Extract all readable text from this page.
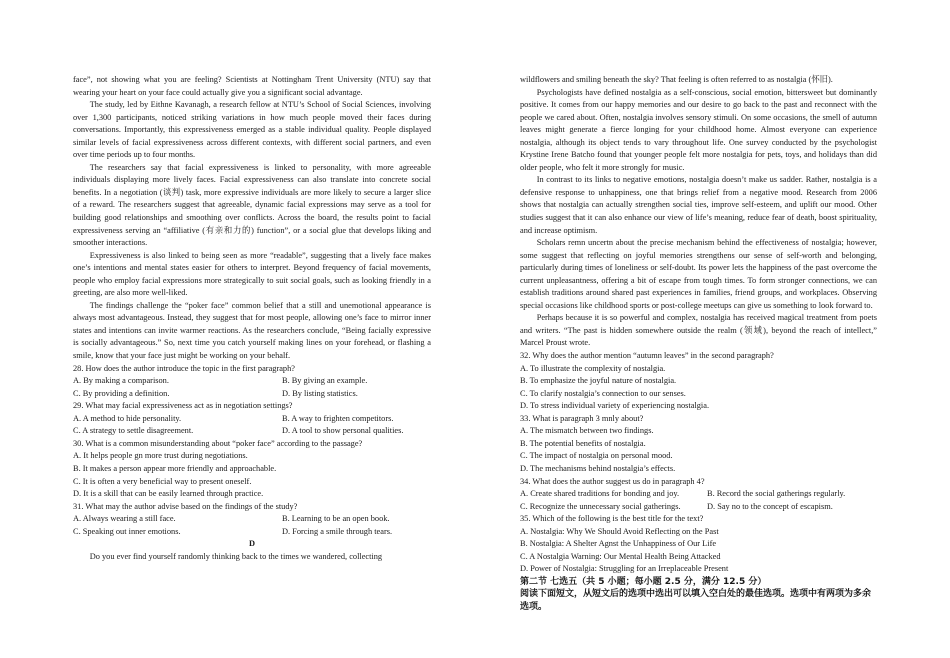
face”, not showing what you are feeling? Scientists at Nottingham Trent University (NTU) say that wearing your heart on your face could actually give you a significant social advantage.

The study, led by Eithne Kavanagh, a research fellow at NTU’s School of Social Sciences, involving over 1,300 participants, noticed striking variations in how much people moved their faces during conversations. Importantly, this expressiveness emerged as a stable individual quality. People displayed similar levels of facial expressiveness across different contexts, with different social partners, and even over time periods up to four months.

The researchers say that facial expressiveness is linked to personality, with more agreeable individuals displaying more lively faces. Facial expressiveness can also translate into concrete social benefits. In a negotiation (谈判) task, more expressive individuals are more likely to secure a larger slice of a reward. The researchers suggest that agreeable, dynamic facial expressions may serve as a tool for building good relationships and smoothing over conflicts. Across the board, the results point to facial expressiveness serving an “affiliative (有亲和力的) function”, or a social glue that develops liking and smoother interactions.

Expressiveness is also linked to being seen as more “readable”, suggesting that a lively face makes one’s intentions and mental states easier for others to interpret. Beyond frequency of facial movements, people who employ facial expressions more strategically to suit social goals, such as looking friendly in a greeting, are also more well-liked.

The findings challenge the “poker face” common belief that a still and unemotional appearance is always most advantageous. Instead, they suggest that for most people, allowing one’s face to mirror inner states and intentions can invite warmer reactions. As the researchers conclude, “Being facially expressive is socially advantageous.” So, next time you catch yourself making lines on your forehead, or flashing a smile, know that your face just might be working on your behalf.

28. How does the author introduce the topic in the first paragraph?
A. By making a comparison.	B. By giving an example.
C. By providing a definition.	D. By listing statistics.
29. What may facial expressiveness act as in negotiation settings?
A. A method to hide personality.	B. A way to frighten competitors.
C. A strategy to settle disagreement.	D. A tool to show personal qualities.
30. What is a common misunderstanding about “poker face” according to the passage?
A. It helps people gn more trust during negotiations.
B. It makes a person appear more friendly and approachable.
C. It is often a very beneficial way to present oneself.
D. It is a skill that can be easily learned through practice.
31. What may the author advise based on the findings of the study?
A. Always wearing a still face.	B. Learning to be an open book.
C. Speaking out inner emotions.	D. Forcing a smile through tears.
D

Do you ever find yourself randomly thinking back to the times we wandered, collecting

wildflowers and smiling beneath the sky? That feeling is often referred to as nostalgia (怀旧).

Psychologists have defined nostalgia as a self-conscious, social emotion, bittersweet but dominantly positive. It comes from our happy memories and our desire to go back to the past and reconnect with the people we cared about. Often, nostalgia involves sensory stimuli. On some occasions, the smell of autumn leaves might generate a fierce longing for your childhood home. Almost everyone can experience nostalgia, although its object tends to vary throughout life. One survey conducted by the psychologist Krystine Irene Batcho found that younger people felt more nostalgia for pets, toys, and holidays than did older people, who felt it more strongly for music.

In contrast to its links to negative emotions, nostalgia doesn’t make us sadder. Rather, nostalgia is a defensive response to unhappiness, one that brings relief from a negative mood. Research from 2006 shows that nostalgia can actually strengthen social ties, improve self-esteem, and uplift our mood. Other studies suggest that it can also enhance our view of life’s meaning, reduce fear of death, boost spirituality, and increase optimism.

Scholars remn uncertn about the precise mechanism behind the effectiveness of nostalgia; however, some suggest that reflecting on joyful memories strengthens our sense of self-worth and belonging, particularly during times of loneliness or self-doubt. Its power lets the happiness of the past overcome the current unpleasantness, offering a bit of escape from tough times. To form stronger connections, we can establish traditions around shared past experiences in families, friend groups, and workplaces. Observing special occasions like childhood sports or post-college meetups can give us something to look forward to.

Perhaps because it is so powerful and complex, nostalgia has received magical treatment from poets and writers. “The past is hidden somewhere outside the realm (领域), beyond the reach of intellect,” Marcel Proust wrote.

32. Why does the author mention “autumn leaves” in the second paragraph?
A. To illustrate the complexity of nostalgia.
B. To emphasize the joyful nature of nostalgia.
C. To clarify nostalgia’s connection to our senses.
D. To stress individual variety of experiencing nostalgia.
33. What is paragraph 3 mnly about?
A. The mismatch between two findings.
B. The potential benefits of nostalgia.
C. The impact of nostalgia on personal mood.
D. The mechanisms behind nostalgia’s effects.
34. What does the author suggest us do in paragraph 4?
A. Create shared traditions for bonding and joy.	B. Record the social gatherings regularly.
C. Recognize the unnecessary social gatherings.	D. Say no to the concept of escapism.
35. Which of the following is the best title for the text?
A. Nostalgia: Why We Should Avoid Reflecting on the Past
B. Nostalgia: A Shelter Agnst the Unhappiness of Our Life
C. A Nostalgia Warning: Our Mental Health Being Attacked
D. Power of Nostalgia: Struggling for an Irreplaceable Present
第二节 七选五（共 5 小题；每小题 2.5 分，满分 12.5 分）
阅读下面短文，从短文后的选项中选出可以填入空白处的最佳选项。选项中有两项为多余选项。
